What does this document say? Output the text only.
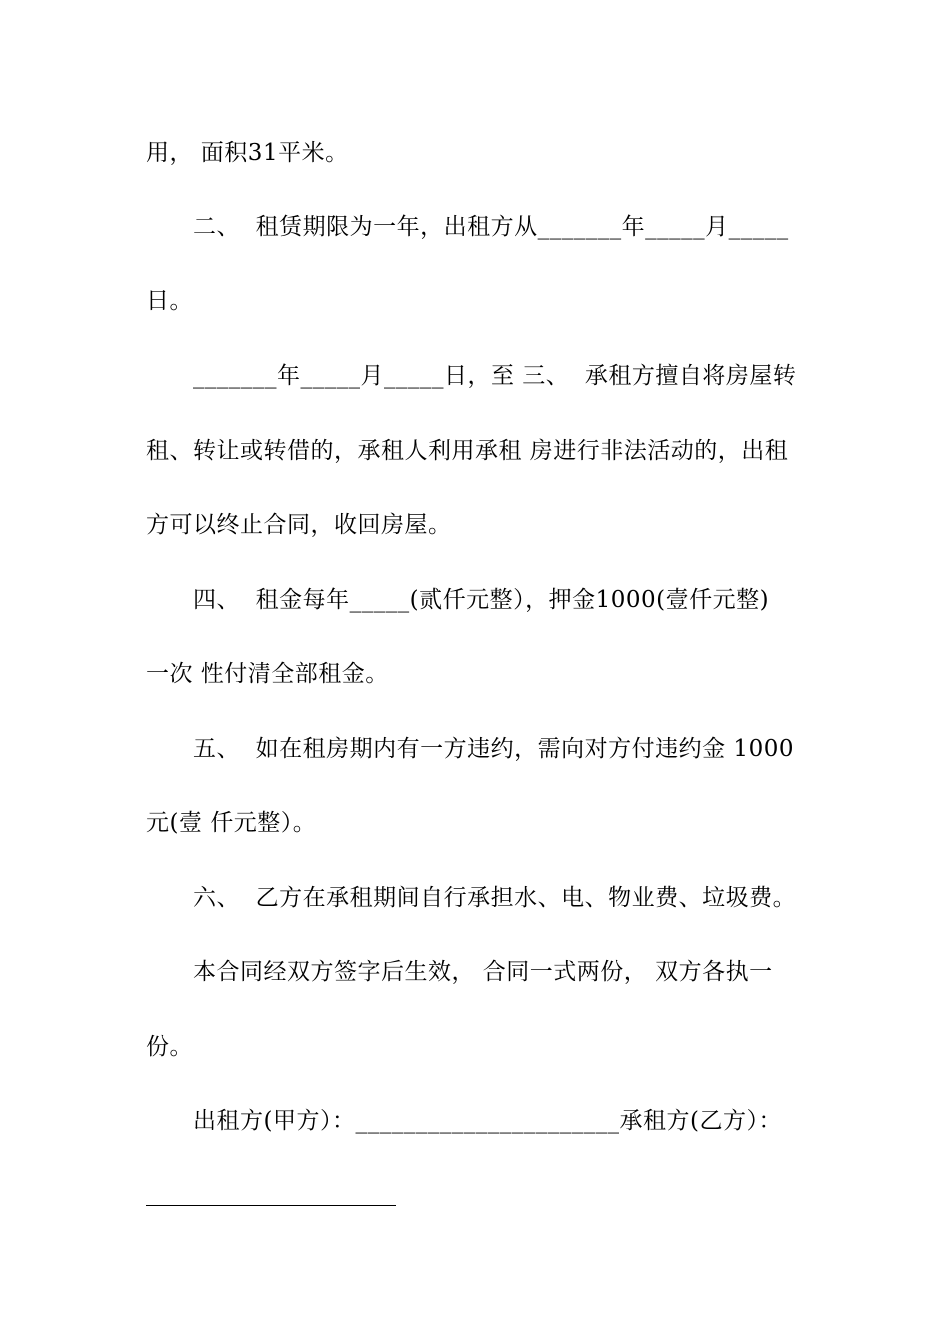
用， 面积31平米。
二、  租赁期限为一年，出租方从_______年_____月_____
日。
_______年_____月_____日，至 三、  承租方擅自将房屋转
租、转让或转借的，承租人利用承租 房进行非法活动的，出租
方可以终止合同，收回房屋。
四、  租金每年_____(贰仟元整），押金1000(壹仟元整)
一次 性付清全部租金。
五、  如在租房期内有一方违约，需向对方付违约金 1000
元(壹 仟元整）。
六、  乙方在承租期间自行承担水、电、物业费、垃圾费。
本合同经双方签字后生效， 合同一式两份， 双方各执一
份。
出租方(甲方）：______________________承租方(乙方）：
